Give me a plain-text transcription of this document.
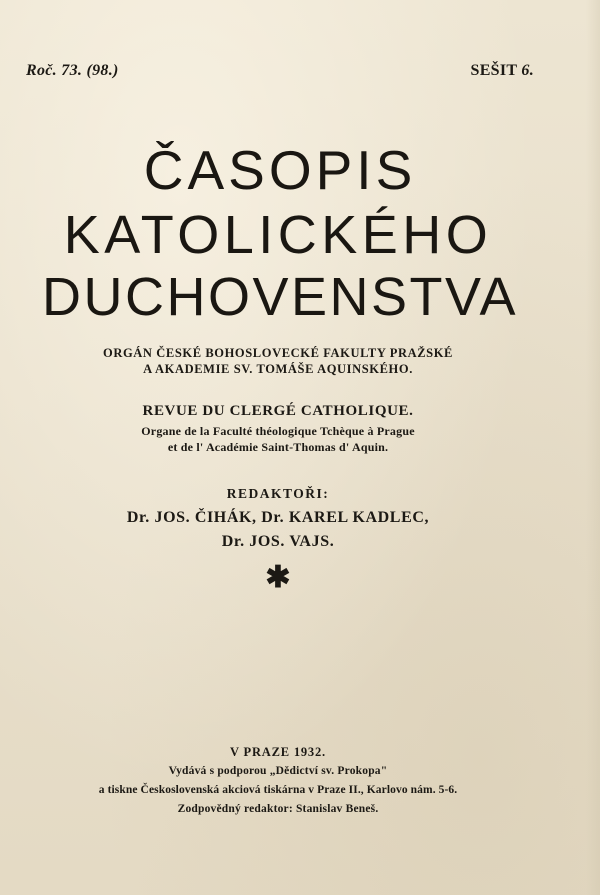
Roč. 73. (98.)	SEŠIT 6.
ČASOPIS
KATOLICKÉHO
DUCHOVENSTVA
ORGÁN ČESKÉ BOHOSLOVECKÉ FAKULTY PRAŽSKÉ
A AKADEMIE SV. TOMÁŠE AQUINSKÉHO.
REVUE DU CLERGÉ CATHOLIQUE.
Organe de la Faculté théologique Tchèque à Prague
et de l' Académie Saint-Thomas d' Aquin.
REDAKTOŘI:
Dr. JOS. ČIHÁK, Dr. KAREL KADLEC,
Dr. JOS. VAJS.
✱
V PRAZE 1932.
Vydává s podporou „Dědictví sv. Prokopa"
a tiskne Československá akciová tiskárna v Praze II., Karlovo nám. 5-6.
Zodpovědný redaktor: Stanislav Beneš.
